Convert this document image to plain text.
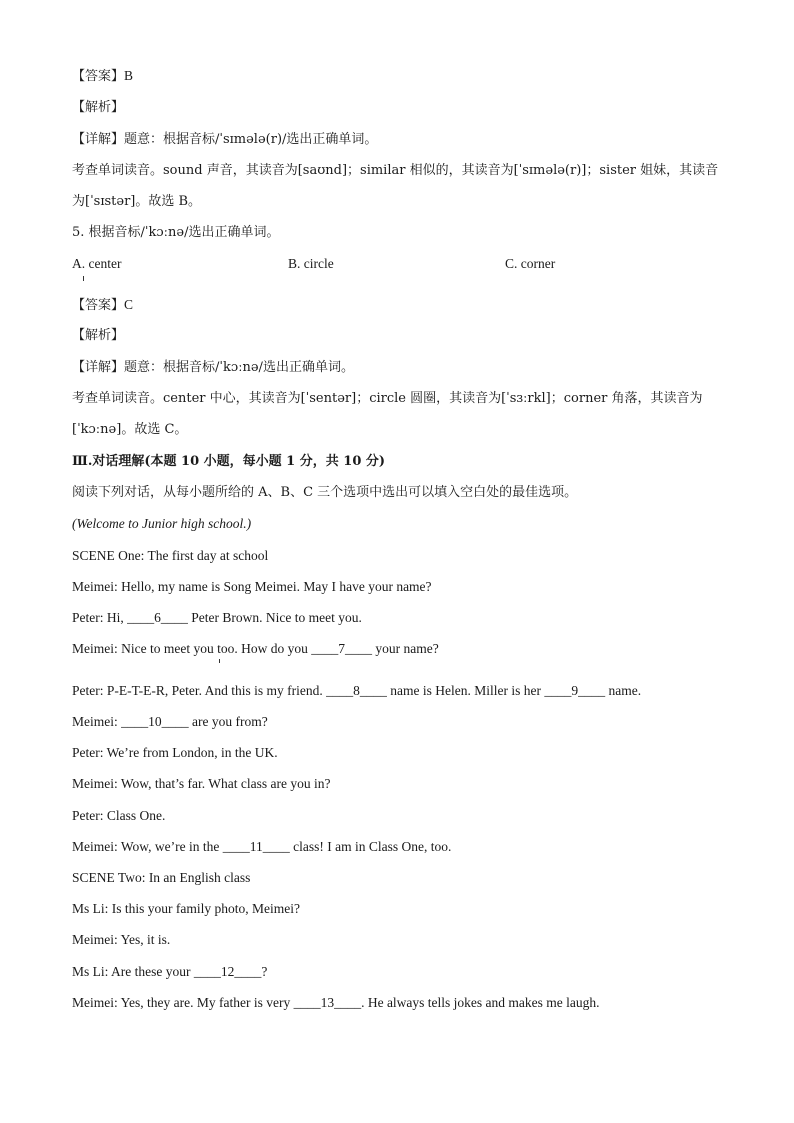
【答案】B
【解析】
【详解】题意：根据音标/ˈsɪmələ(r)/选出正确单词。
考查单词读音。sound 声音，其读音为[saʊnd]；similar 相似的，其读音为[ˈsɪmələ(r)]；sister 姐妹，其读音
为[ˈsɪstər]。故选 B。
5. 根据音标/ˈkɔːnə/选出正确单词。
A. center	B. circle	C. corner
【答案】C
【解析】
【详解】题意：根据音标/ˈkɔːnə/选出正确单词。
考查单词读音。center 中心，其读音为[ˈsentər]；circle 圆圈，其读音为[ˈsɜːrkl]；corner 角落，其读音为
[ˈkɔːnə]。故选 C。
Ⅲ.对话理解(本题 10 小题，每小题 1 分，共 10 分)
阅读下列对话，从每小题所给的 A、B、C 三个选项中选出可以填入空白处的最佳选项。
(Welcome to Junior high school.)
SCENE One: The first day at school
Meimei: Hello, my name is Song Meimei. May I have your name?
Peter: Hi, ____6____ Peter Brown. Nice to meet you.
Meimei: Nice to meet you too. How do you ____7____ your name?
Peter: P-E-T-E-R, Peter. And this is my friend. ____8____ name is Helen. Miller is her ____9____ name.
Meimei: ____10____ are you from?
Peter: We’re from London, in the UK.
Meimei: Wow, that’s far. What class are you in?
Peter: Class One.
Meimei: Wow, we’re in the ____11____ class! I am in Class One, too.
SCENE Two: In an English class
Ms Li: Is this your family photo, Meimei?
Meimei: Yes, it is.
Ms Li: Are these your ____12____?
Meimei: Yes, they are. My father is very ____13____. He always tells jokes and makes me laugh.
